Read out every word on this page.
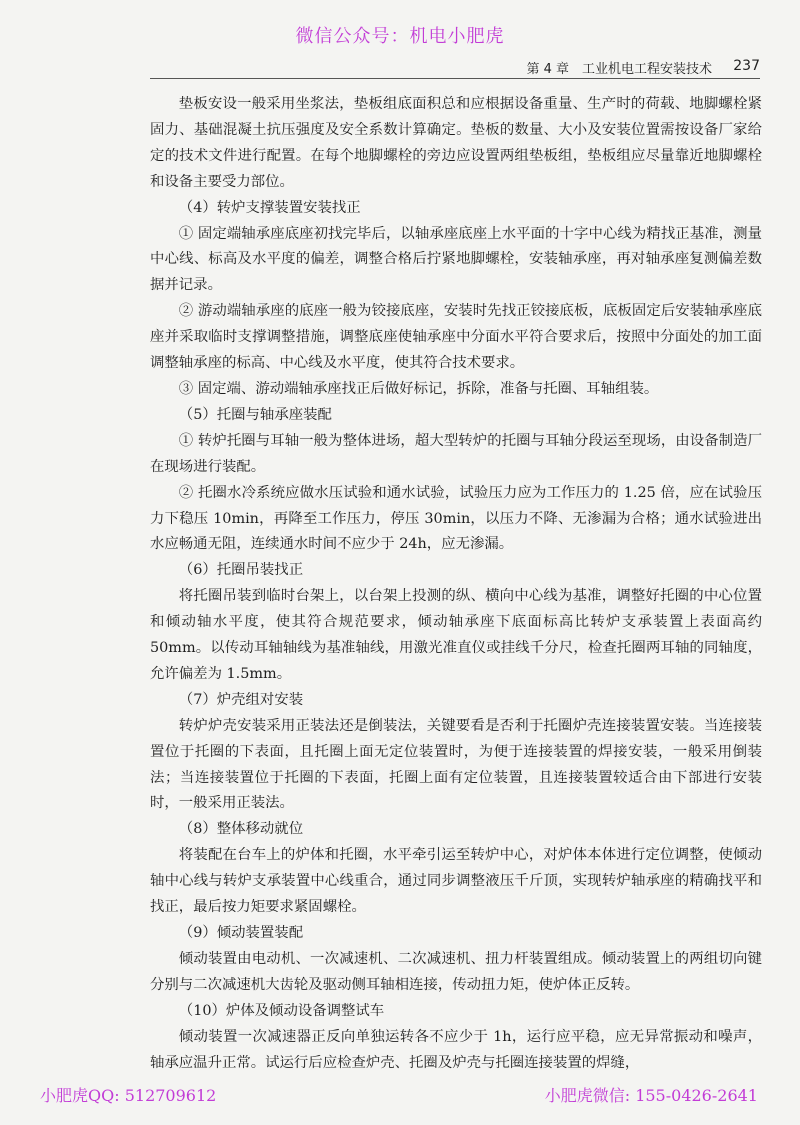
微信公众号：机电小肥虎
第 4 章　工业机电工程安装技术 237

垫板安设一般采用坐浆法，垫板组底面积总和应根据设备重量、生产时的荷载、地脚螺栓紧固力、基础混凝土抗压强度及安全系数计算确定。垫板的数量、大小及安装位置需按设备厂家给定的技术文件进行配置。在每个地脚螺栓的旁边应设置两组垫板组，垫板组应尽量靠近地脚螺栓和设备主要受力部位。

（4）转炉支撑装置安装找正

① 固定端轴承座底座初找完毕后，以轴承座底座上水平面的十字中心线为精找正基准，测量中心线、标高及水平度的偏差，调整合格后拧紧地脚螺栓，安装轴承座，再对轴承座复测偏差数据并记录。

② 游动端轴承座的底座一般为铰接底座，安装时先找正铰接底板，底板固定后安装轴承座底座并采取临时支撑调整措施，调整底座使轴承座中分面水平符合要求后，按照中分面处的加工面调整轴承座的标高、中心线及水平度，使其符合技术要求。

③ 固定端、游动端轴承座找正后做好标记，拆除，准备与托圈、耳轴组装。

（5）托圈与轴承座装配

① 转炉托圈与耳轴一般为整体进场，超大型转炉的托圈与耳轴分段运至现场，由设备制造厂在现场进行装配。

② 托圈水冷系统应做水压试验和通水试验，试验压力应为工作压力的 1.25 倍，应在试验压力下稳压 10min，再降至工作压力，停压 30min，以压力不降、无渗漏为合格；通水试验进出水应畅通无阻，连续通水时间不应少于 24h，应无渗漏。

（6）托圈吊装找正

将托圈吊装到临时台架上，以台架上投测的纵、横向中心线为基准，调整好托圈的中心位置和倾动轴水平度，使其符合规范要求，倾动轴承座下底面标高比转炉支承装置上表面高约 50mm。以传动耳轴轴线为基准轴线，用激光准直仪或挂线千分尺，检查托圈两耳轴的同轴度，允许偏差为 1.5mm。

（7）炉壳组对安装

转炉炉壳安装采用正装法还是倒装法，关键要看是否利于托圈炉壳连接装置安装。当连接装置位于托圈的下表面，且托圈上面无定位装置时，为便于连接装置的焊接安装，一般采用倒装法；当连接装置位于托圈的下表面，托圈上面有定位装置，且连接装置较适合由下部进行安装时，一般采用正装法。

（8）整体移动就位

将装配在台车上的炉体和托圈，水平牵引运至转炉中心，对炉体本体进行定位调整，使倾动轴中心线与转炉支承装置中心线重合，通过同步调整液压千斤顶，实现转炉轴承座的精确找平和找正，最后按力矩要求紧固螺栓。

（9）倾动装置装配

倾动装置由电动机、一次减速机、二次减速机、扭力杆装置组成。倾动装置上的两组切向键分别与二次减速机大齿轮及驱动侧耳轴相连接，传动扭力矩，使炉体正反转。

（10）炉体及倾动设备调整试车

倾动装置一次减速器正反向单独运转各不应少于 1h，运行应平稳，应无异常振动和噪声，轴承应温升正常。试运行后应检查炉壳、托圈及炉壳与托圈连接装置的焊缝，

小肥虎QQ: 512709612	小肥虎微信: 155-0426-2641
